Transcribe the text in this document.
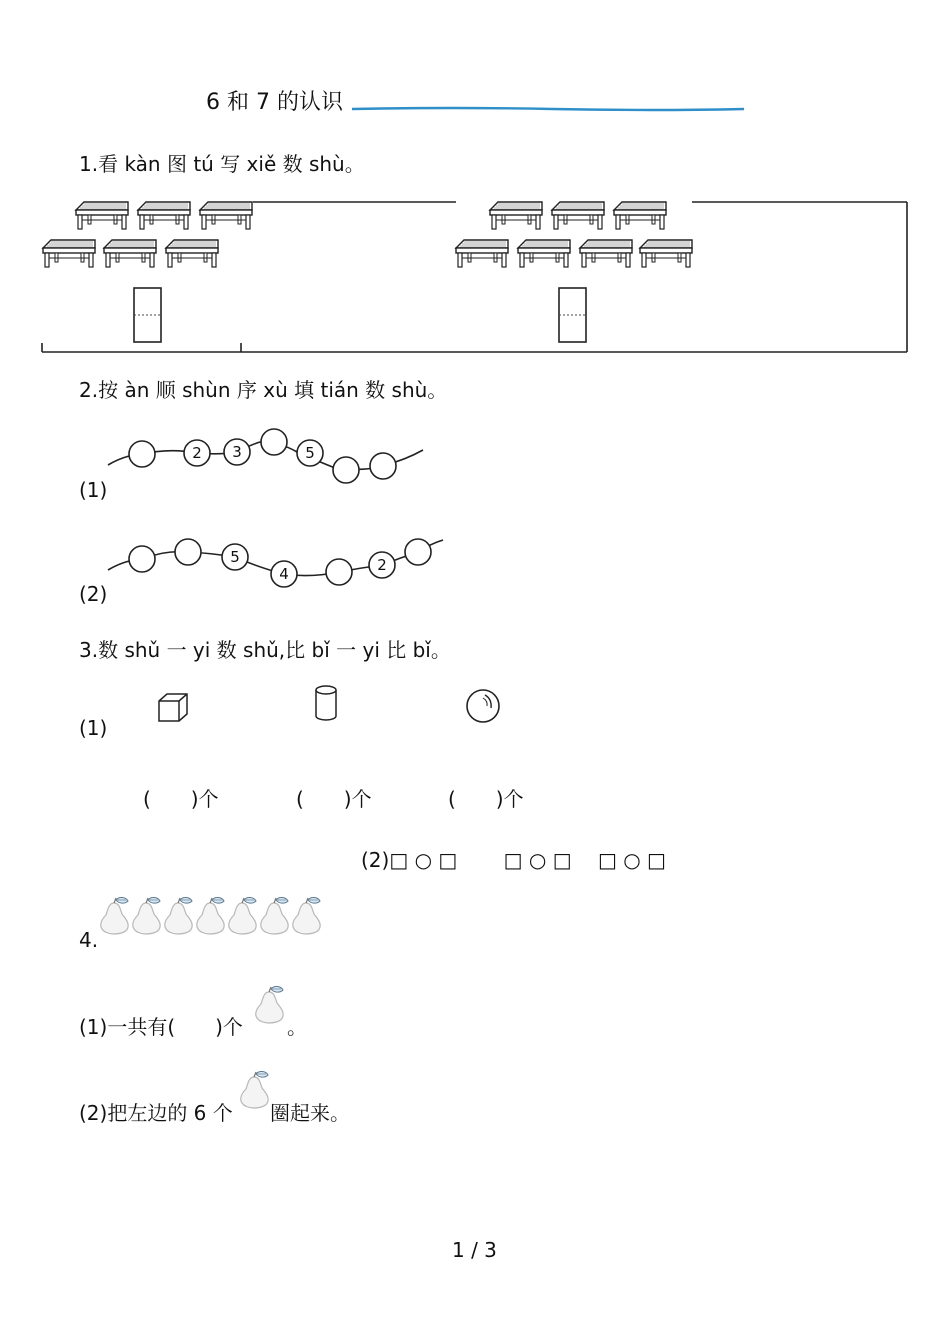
6 和 7 的认识
1.看 kàn 图 tú 写 xiě 数 shù。
2.按 àn 顺 shùn 序 xù 填 tián 数 shù。
(1)
2 3	5
(2)
5
4	2
3.数 shǔ 一 yi 数 shǔ,比 bǐ 一 yi 比 bǐ。
(1)
(　　)个	(　　)个	(　　)个
(2)□ ○ □　　 □ ○ □　 □ ○ □
4.
(1)一共有(　　)个 。
(2)把左边的 6 个 圈起来。
1 / 3
